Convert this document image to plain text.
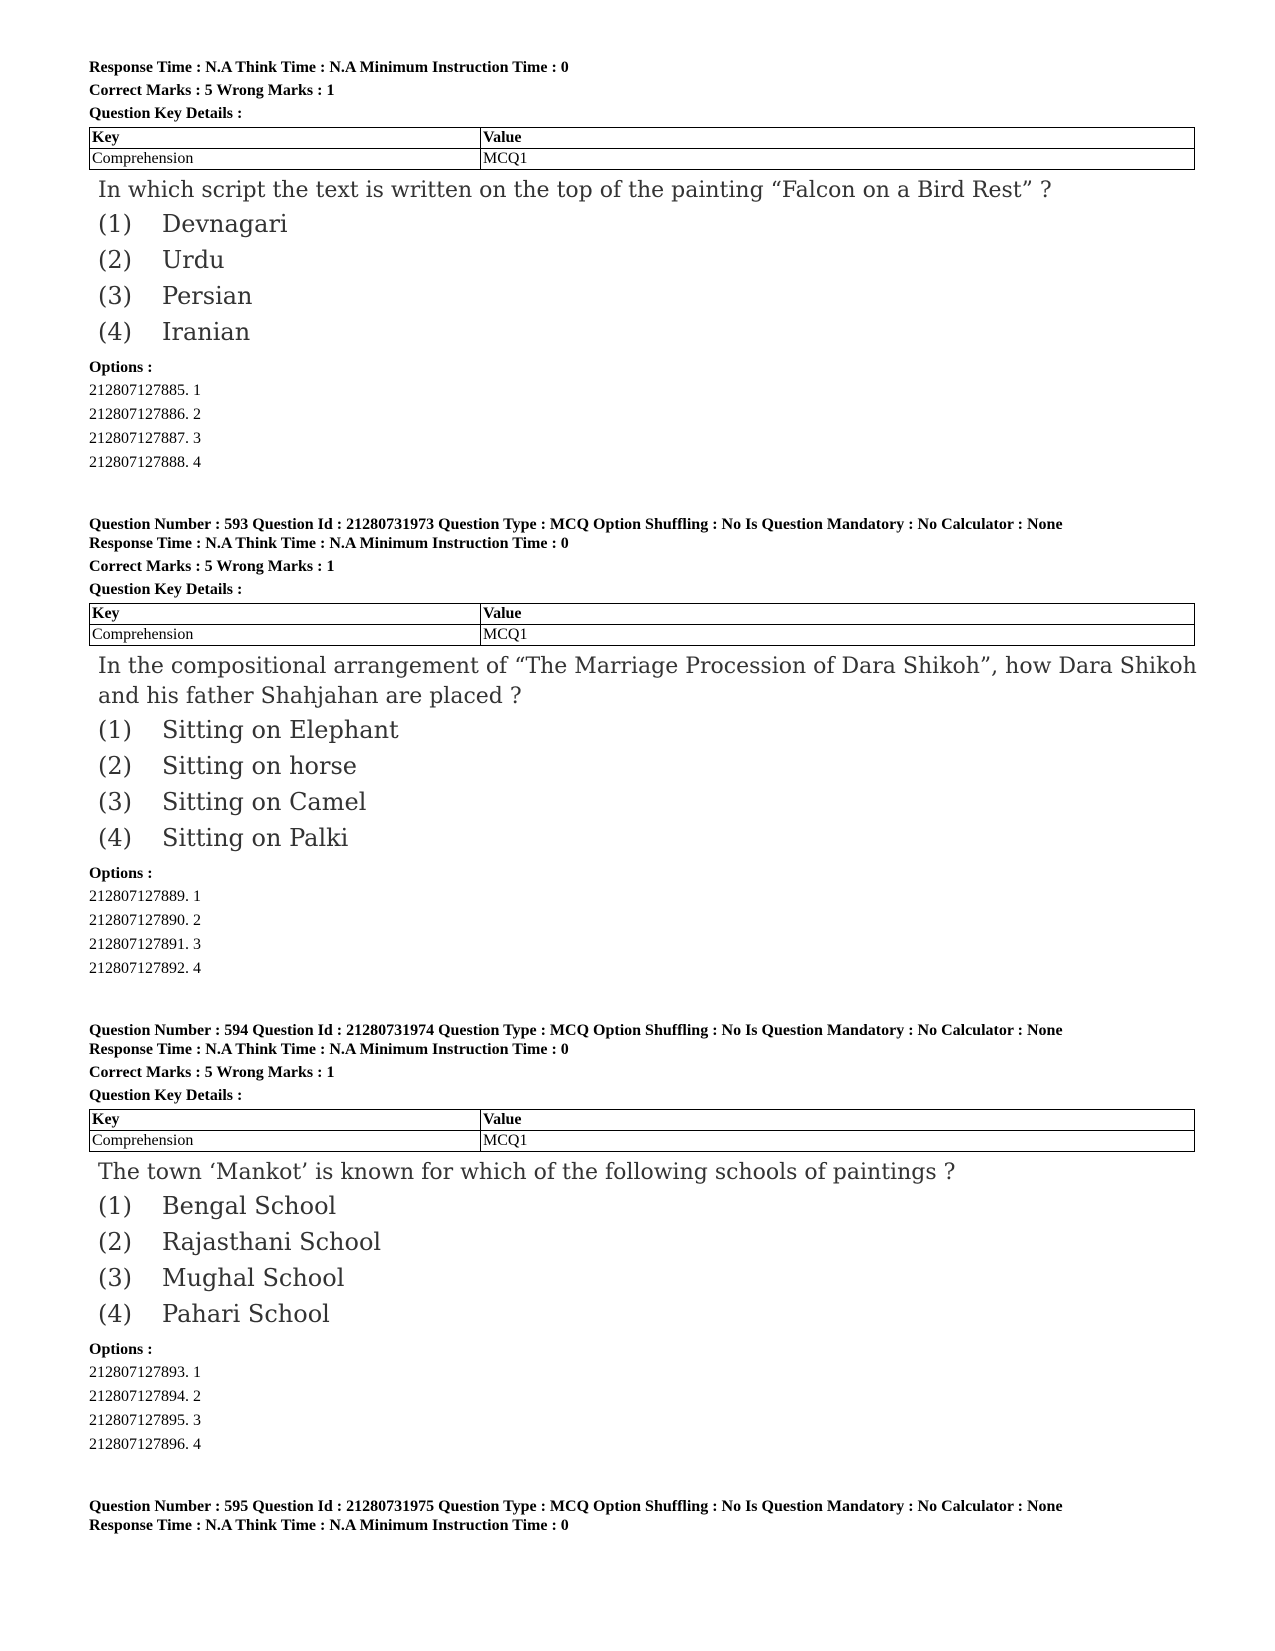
Response Time : N.A Think Time : N.A Minimum Instruction Time : 0
Correct Marks : 5 Wrong Marks : 1
Question Key Details :
Key	Value
Comprehension	MCQ1
In which script the text is written on the top of the painting “Falcon on a Bird Rest” ?
(1) Devnagari
(2) Urdu
(3) Persian
(4) Iranian
Options :
212807127885. 1
212807127886. 2
212807127887. 3
212807127888. 4
Question Number : 593 Question Id : 21280731973 Question Type : MCQ Option Shuffling : No Is Question Mandatory : No Calculator : None
Response Time : N.A Think Time : N.A Minimum Instruction Time : 0
Correct Marks : 5 Wrong Marks : 1
Question Key Details :
Key	Value
Comprehension	MCQ1
In the compositional arrangement of “The Marriage Procession of Dara Shikoh”, how Dara Shikoh and his father Shahjahan are placed ?
(1) Sitting on Elephant
(2) Sitting on horse
(3) Sitting on Camel
(4) Sitting on Palki
Options :
212807127889. 1
212807127890. 2
212807127891. 3
212807127892. 4
Question Number : 594 Question Id : 21280731974 Question Type : MCQ Option Shuffling : No Is Question Mandatory : No Calculator : None
Response Time : N.A Think Time : N.A Minimum Instruction Time : 0
Correct Marks : 5 Wrong Marks : 1
Question Key Details :
Key	Value
Comprehension	MCQ1
The town ‘Mankot’ is known for which of the following schools of paintings ?
(1) Bengal School
(2) Rajasthani School
(3) Mughal School
(4) Pahari School
Options :
212807127893. 1
212807127894. 2
212807127895. 3
212807127896. 4
Question Number : 595 Question Id : 21280731975 Question Type : MCQ Option Shuffling : No Is Question Mandatory : No Calculator : None
Response Time : N.A Think Time : N.A Minimum Instruction Time : 0
